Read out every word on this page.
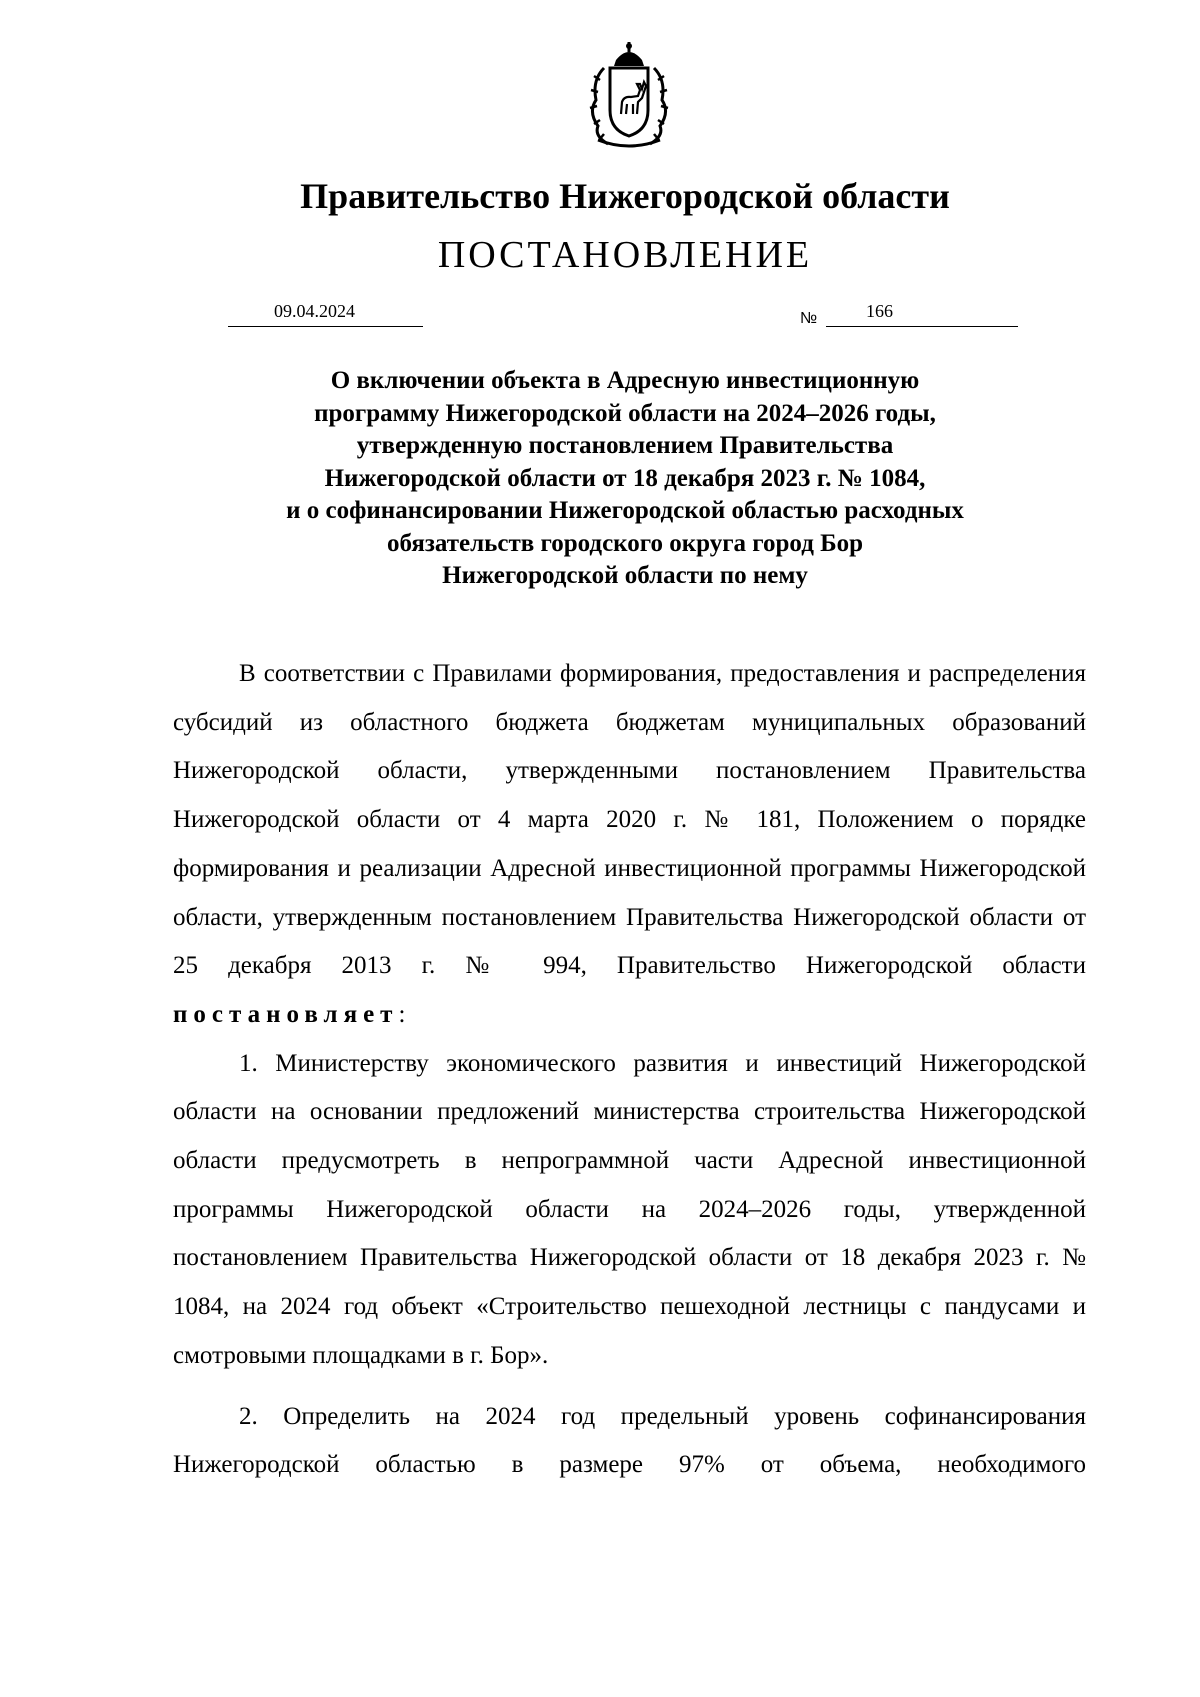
Правительство Нижегородской области
ПОСТАНОВЛЕНИЕ
09.04.2024	№	166
О включении объекта в Адресную инвестиционную
программу Нижегородской области на 2024–2026 годы,
утвержденную постановлением Правительства
Нижегородской области от 18 декабря 2023 г. № 1084,
и о софинансировании Нижегородской областью расходных
обязательств городского округа город Бор
Нижегородской области по нему

В соответствии с Правилами формирования, предоставления и распределения субсидий из областного бюджета бюджетам муниципальных образований Нижегородской области, утвержденными постановлением Правительства Нижегородской области от 4 марта 2020 г. № 181, Положением о порядке формирования и реализации Адресной инвестиционной программы Нижегородской области, утвержденным постановлением Правительства Нижегородской области от 25 декабря 2013 г. № 994, Правительство Нижегородской области

постановляет:

1. Министерству экономического развития и инвестиций Нижегородской области на основании предложений министерства строительства Нижегородской области предусмотреть в непрограммной части Адресной инвестиционной программы Нижегородской области на 2024–2026 годы, утвержденной постановлением Правительства Нижегородской области от 18 декабря 2023 г. № 1084, на 2024 год объект «Строительство пешеходной лестницы с пандусами и смотровыми площадками в г. Бор».

2. Определить на 2024 год предельный уровень софинансирования Нижегородской областью в размере 97% от объема, необходимого
